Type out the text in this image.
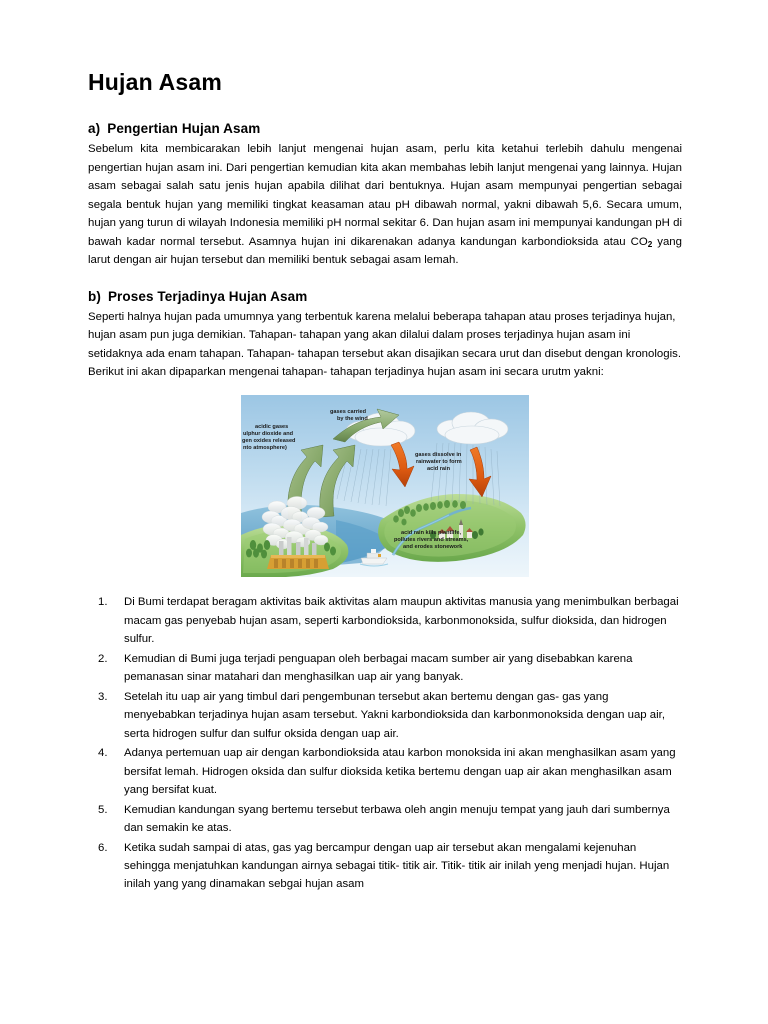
Hujan Asam
a) Pengertian Hujan Asam

Sebelum kita membicarakan lebih lanjut mengenai hujan asam, perlu kita ketahui terlebih dahulu mengenai pengertian hujan asam ini. Dari pengertian kemudian kita akan membahas lebih lanjut mengenai yang lainnya. Hujan asam sebagai salah satu jenis hujan apabila dilihat dari bentuknya. Hujan asam mempunyai pengertian sebagai segala bentuk hujan yang memiliki tingkat keasaman atau pH dibawah normal, yakni dibawah 5,6. Secara umum, hujan yang turun di wilayah Indonesia memiliki pH normal sekitar 6. Dan hujan asam ini mempunyai kandungan pH di bawah kadar normal tersebut. Asamnya hujan ini dikarenakan adanya kandungan karbondioksida atau $CO_2$ yang larut dengan air hujan tersebut dan memiliki bentuk sebagai asam lemah.

b) Proses Terjadinya Hujan Asam

Seperti halnya hujan pada umumnya yang terbentuk karena melalui beberapa tahapan atau proses terjadinya hujan, hujan asam pun juga demikian. Tahapan- tahapan yang akan dilalui dalam proses terjadinya hujan asam ini setidaknya ada enam tahapan. Tahapan- tahapan tersebut akan disajikan secara urut dan disebut dengan kronologis. Berikut ini akan dipaparkan mengenai tahapan- tahapan terjadinya hujan asam ini secara urutm yakni:

acidic gases
ulphur dioxide and
gen oxides released
nto atmosphere)
gases carried
by the wind
gases dissolve in
rainwater to form
acid rain
acid rain kills plantlife,
pollutes rivers and streams,
and erodes stonework
Di Bumi terdapat beragam aktivitas baik aktivitas alam maupun aktivitas manusia yang menimbulkan berbagai macam gas penyebab hujan asam, seperti karbondioksida, karbonmonoksida, sulfur dioksida, dan hidrogen sulfur.
Kemudian di Bumi juga terjadi penguapan oleh berbagai macam sumber air yang disebabkan karena pemanasan sinar matahari dan menghasilkan uap air yang banyak.
Setelah itu uap air yang timbul dari pengembunan tersebut akan bertemu dengan gas- gas yang menyebabkan terjadinya hujan asam tersebut. Yakni karbondioksida dan karbonmonoksida dengan uap air, serta hidrogen sulfur dan sulfur oksida dengan uap air.
Adanya pertemuan uap air dengan karbondioksida atau karbon monoksida ini akan menghasilkan asam yang bersifat lemah. Hidrogen oksida dan sulfur dioksida ketika bertemu dengan uap air akan menghasilkan asam yang bersifat kuat.
Kemudian kandungan syang bertemu tersebut terbawa oleh angin menuju tempat yang jauh dari sumbernya dan semakin ke atas.
Ketika sudah sampai di atas, gas yag bercampur dengan uap air tersebut akan mengalami kejenuhan sehingga menjatuhkan kandungan airnya sebagai titik- titik air. Titik- titik air inilah yeng menjadi hujan. Hujan inilah yang yang dinamakan sebgai hujan asam
